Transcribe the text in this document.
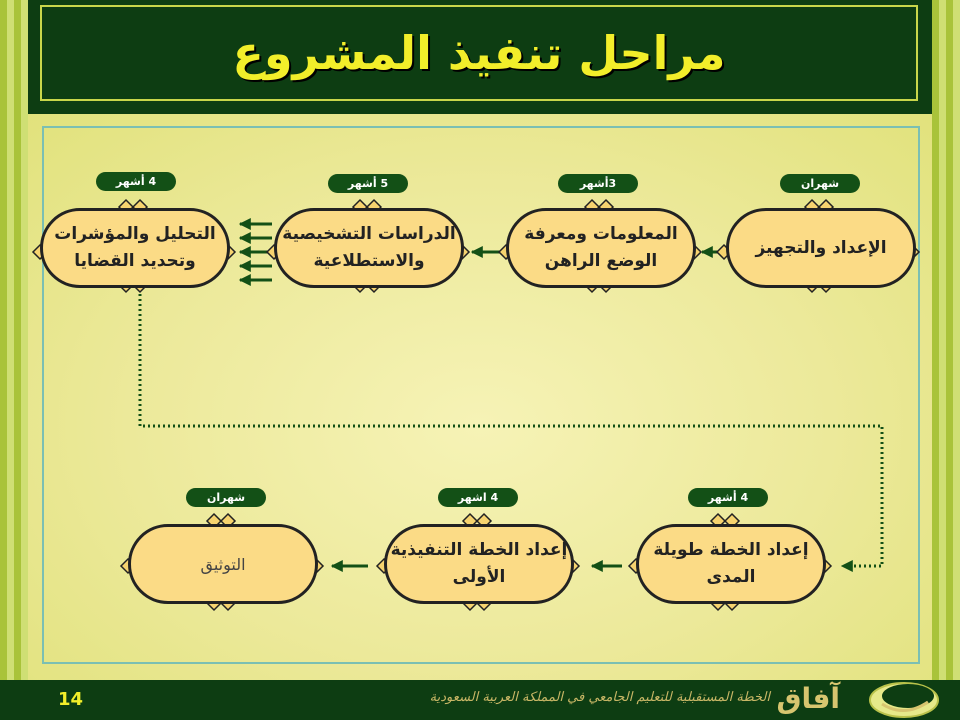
مراحل تنفيذ المشروع
شهران
الإعداد والتجهيز
3أشهر
المعلومات ومعرفة الوضع الراهن
5 أشهر
الدراسات التشخيصية والاستطلاعية
4 أشهر
التحليل والمؤشرات وتحديد القضايا
4 أشهر
إعداد الخطة طويلة المدى
4 اشهر
إعداد الخطة التنفيذية الأولى
شهران
التوثيق
14	الخطة المستقبلية للتعليم الجامعي في المملكة العربية السعودية آفاق
